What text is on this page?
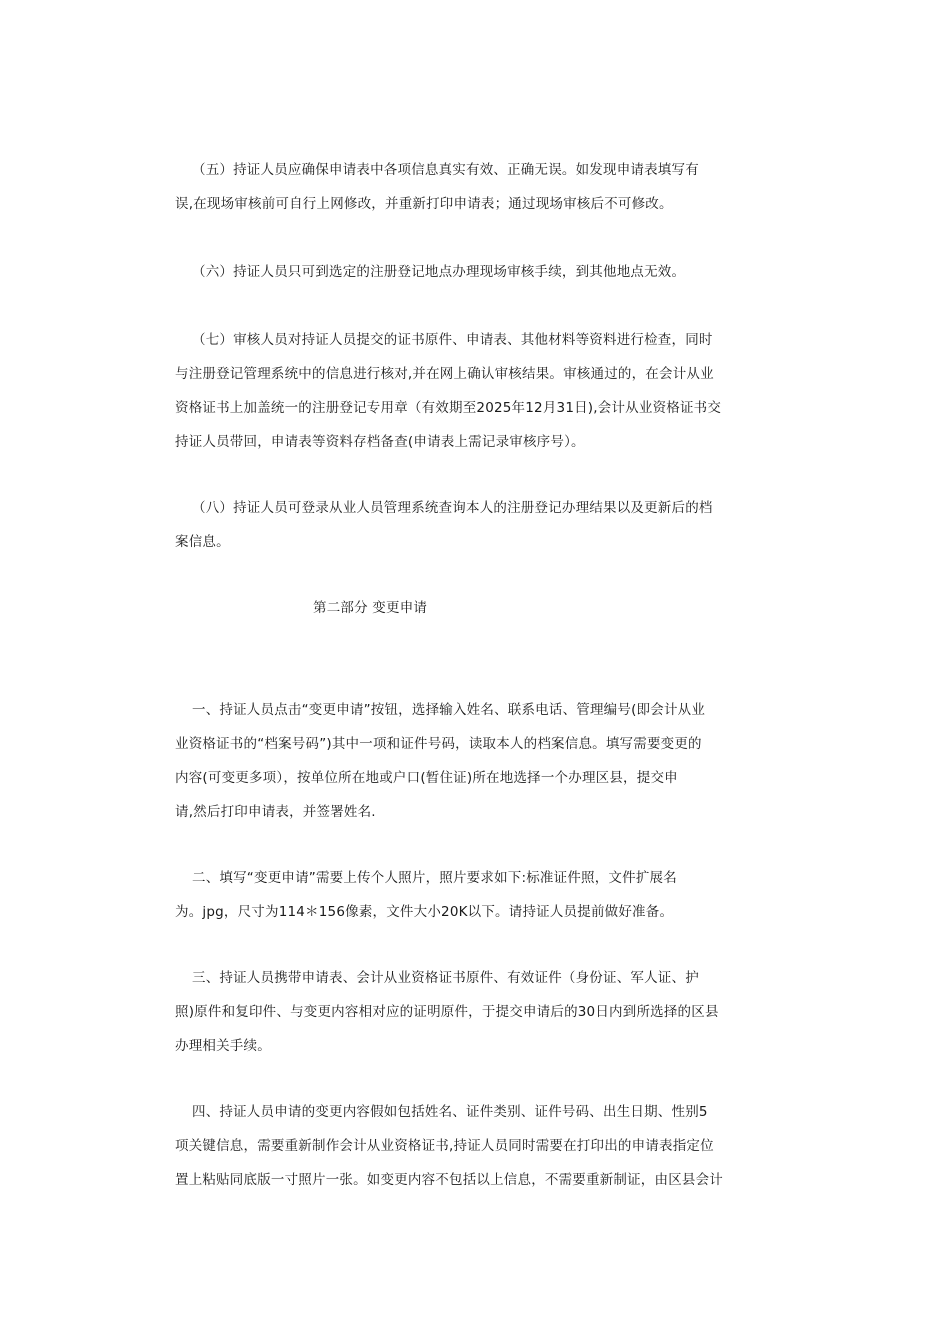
（五）持证人员应确保申请表中各项信息真实有效、正确无误。如发现申请表填写有
误,在现场审核前可自行上网修改，并重新打印申请表；通过现场审核后不可修改。
（六）持证人员只可到选定的注册登记地点办理现场审核手续，到其他地点无效。
（七）审核人员对持证人员提交的证书原件、申请表、其他材料等资料进行检查，同时
与注册登记管理系统中的信息进行核对,并在网上确认审核结果。审核通过的，在会计从业
资格证书上加盖统一的注册登记专用章（有效期至2025年12月31日),会计从业资格证书交
持证人员带回，申请表等资料存档备查(申请表上需记录审核序号）。
（八）持证人员可登录从业人员管理系统查询本人的注册登记办理结果以及更新后的档
案信息。
第二部分 变更申请
一、持证人员点击“变更申请”按钮，选择输入姓名、联系电话、管理编号(即会计从业
业资格证书的“档案号码”)其中一项和证件号码，读取本人的档案信息。填写需要变更的
内容(可变更多项），按单位所在地或户口(暂住证)所在地选择一个办理区县，提交申
请,然后打印申请表，并签署姓名.
二、填写“变更申请”需要上传个人照片，照片要求如下:标准证件照，文件扩展名
为。jpg，尺寸为114＊156像素，文件大小20K以下。请持证人员提前做好准备。
三、持证人员携带申请表、会计从业资格证书原件、有效证件（身份证、军人证、护
照)原件和复印件、与变更内容相对应的证明原件，于提交申请后的30日内到所选择的区县
办理相关手续。
四、持证人员申请的变更内容假如包括姓名、证件类别、证件号码、出生日期、性别5
项关键信息，需要重新制作会计从业资格证书,持证人员同时需要在打印出的申请表指定位
置上粘贴同底版一寸照片一张。如变更内容不包括以上信息，不需要重新制证，由区县会计
